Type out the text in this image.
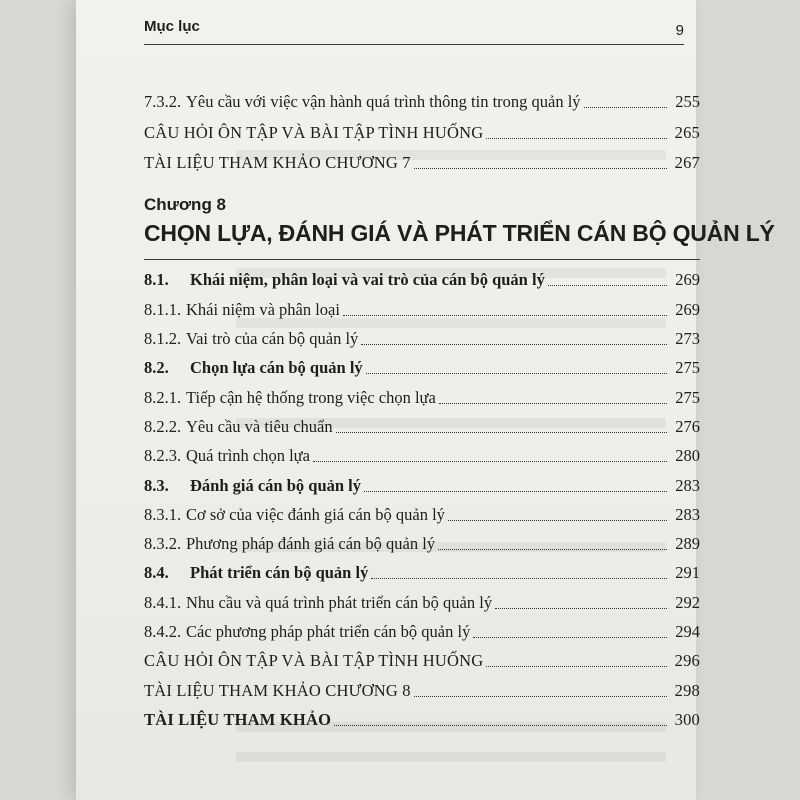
Mục lục	9
7.3.2. Yêu cầu với việc vận hành quá trình thông tin trong quản lý	255
CÂU HỎI ÔN TẬP VÀ BÀI TẬP TÌNH HUỐNG	265
TÀI LIỆU THAM KHẢO CHƯƠNG 7	267
Chương 8
CHỌN LỰA, ĐÁNH GIÁ VÀ PHÁT TRIỂN CÁN BỘ QUẢN LÝ
8.1.	Khái niệm, phân loại và vai trò của cán bộ quản lý	269
8.1.1. Khái niệm và phân loại	269
8.1.2. Vai trò của cán bộ quản lý	273
8.2.	Chọn lựa cán bộ quản lý	275
8.2.1. Tiếp cận hệ thống trong việc chọn lựa	275
8.2.2. Yêu cầu và tiêu chuẩn	276
8.2.3. Quá trình chọn lựa	280
8.3.	Đánh giá cán bộ quản lý	283
8.3.1. Cơ sở của việc đánh giá cán bộ quản lý	283
8.3.2. Phương pháp đánh giá cán bộ quản lý	289
8.4.	Phát triển cán bộ quản lý	291
8.4.1. Nhu cầu và quá trình phát triển cán bộ quản lý	292
8.4.2. Các phương pháp phát triển cán bộ quản lý	294
CÂU HỎI ÔN TẬP VÀ BÀI TẬP TÌNH HUỐNG	296
TÀI LIỆU THAM KHẢO CHƯƠNG 8	298
TÀI LIỆU THAM KHẢO	300
